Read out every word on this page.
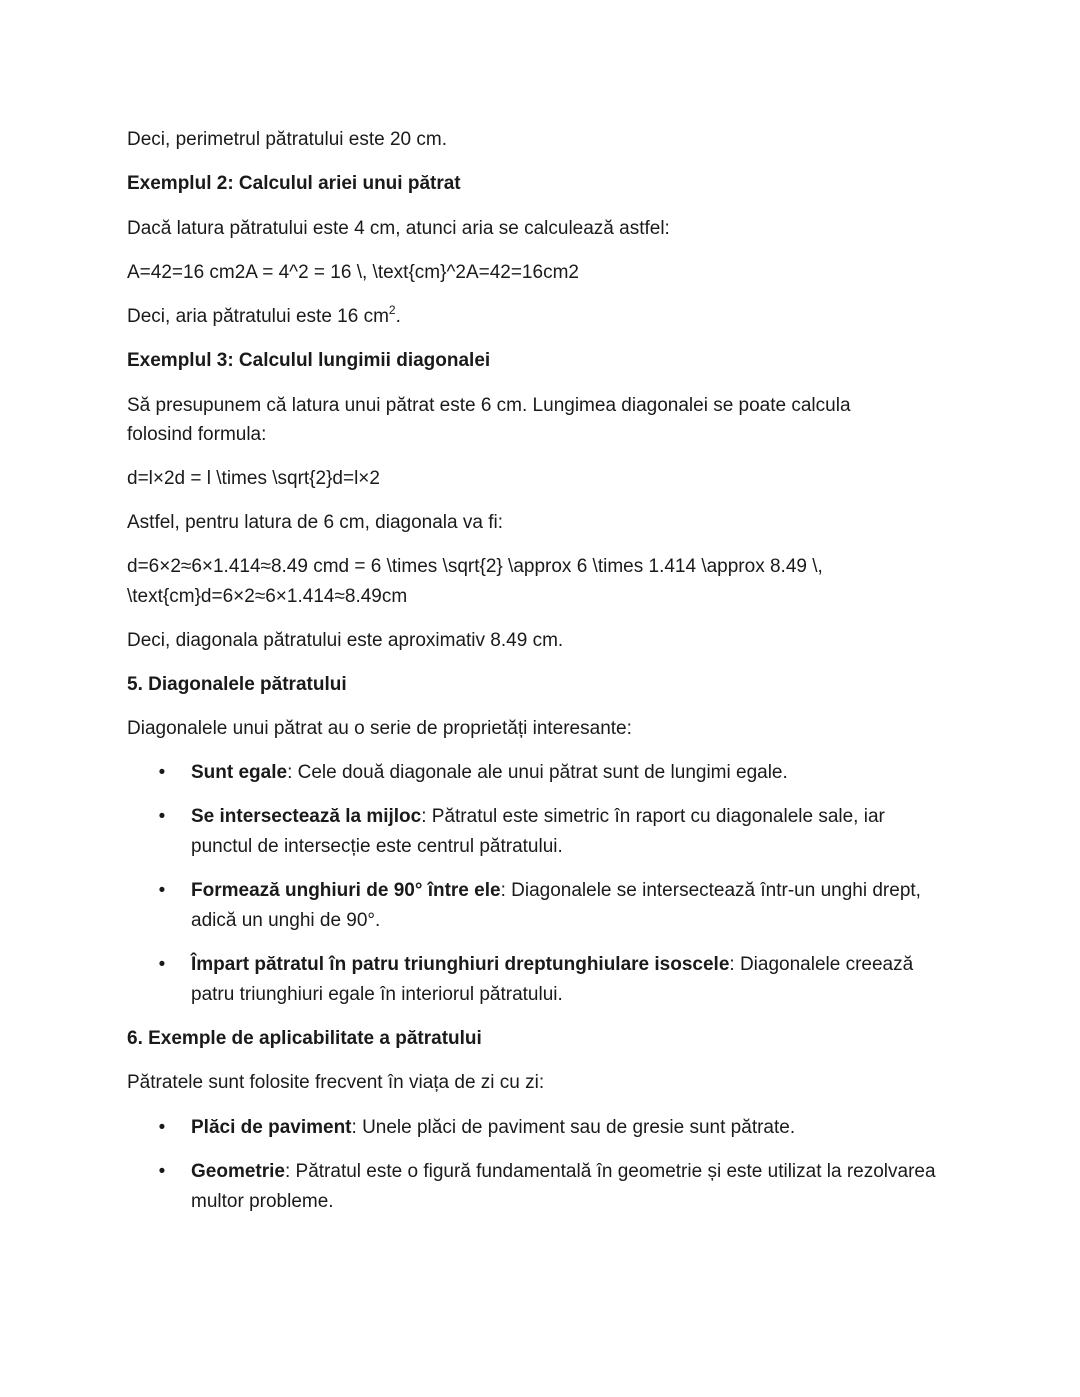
Deci, perimetrul pătratului este 20 cm.
Exemplul 2: Calculul ariei unui pătrat
Dacă latura pătratului este 4 cm, atunci aria se calculează astfel:
A=42=16 cm2A = 4^2 = 16 \, \text{cm}^2A=42=16cm2
Deci, aria pătratului este 16 $cm^2$.
Exemplul 3: Calculul lungimii diagonalei
Să presupunem că latura unui pătrat este 6 cm. Lungimea diagonalei se poate calcula
folosind formula:
d=l×2d = l \times \sqrt{2}d=l×2
Astfel, pentru latura de 6 cm, diagonala va fi:
d=6×2≈6×1.414≈8.49 cmd = 6 \times \sqrt{2} \approx 6 \times 1.414 \approx 8.49 \,
\text{cm}d=6×2≈6×1.414≈8.49cm
Deci, diagonala pătratului este aproximativ 8.49 cm.
5. Diagonalele pătratului
Diagonalele unui pătrat au o serie de proprietăți interesante:
• Sunt egale: Cele două diagonale ale unui pătrat sunt de lungimi egale.
• Se intersectează la mijloc: Pătratul este simetric în raport cu diagonalele sale, iar punctul de intersecție este centrul pătratului.
• Formează unghiuri de 90° între ele: Diagonalele se intersectează într-un unghi drept, adică un unghi de 90°.
• Împart pătratul în patru triunghiuri dreptunghiulare isoscele: Diagonalele creează patru triunghiuri egale în interiorul pătratului.
6. Exemple de aplicabilitate a pătratului
Pătratele sunt folosite frecvent în viața de zi cu zi:
• Plăci de paviment: Unele plăci de paviment sau de gresie sunt pătrate.
• Geometrie: Pătratul este o figură fundamentală în geometrie și este utilizat la rezolvarea multor probleme.
